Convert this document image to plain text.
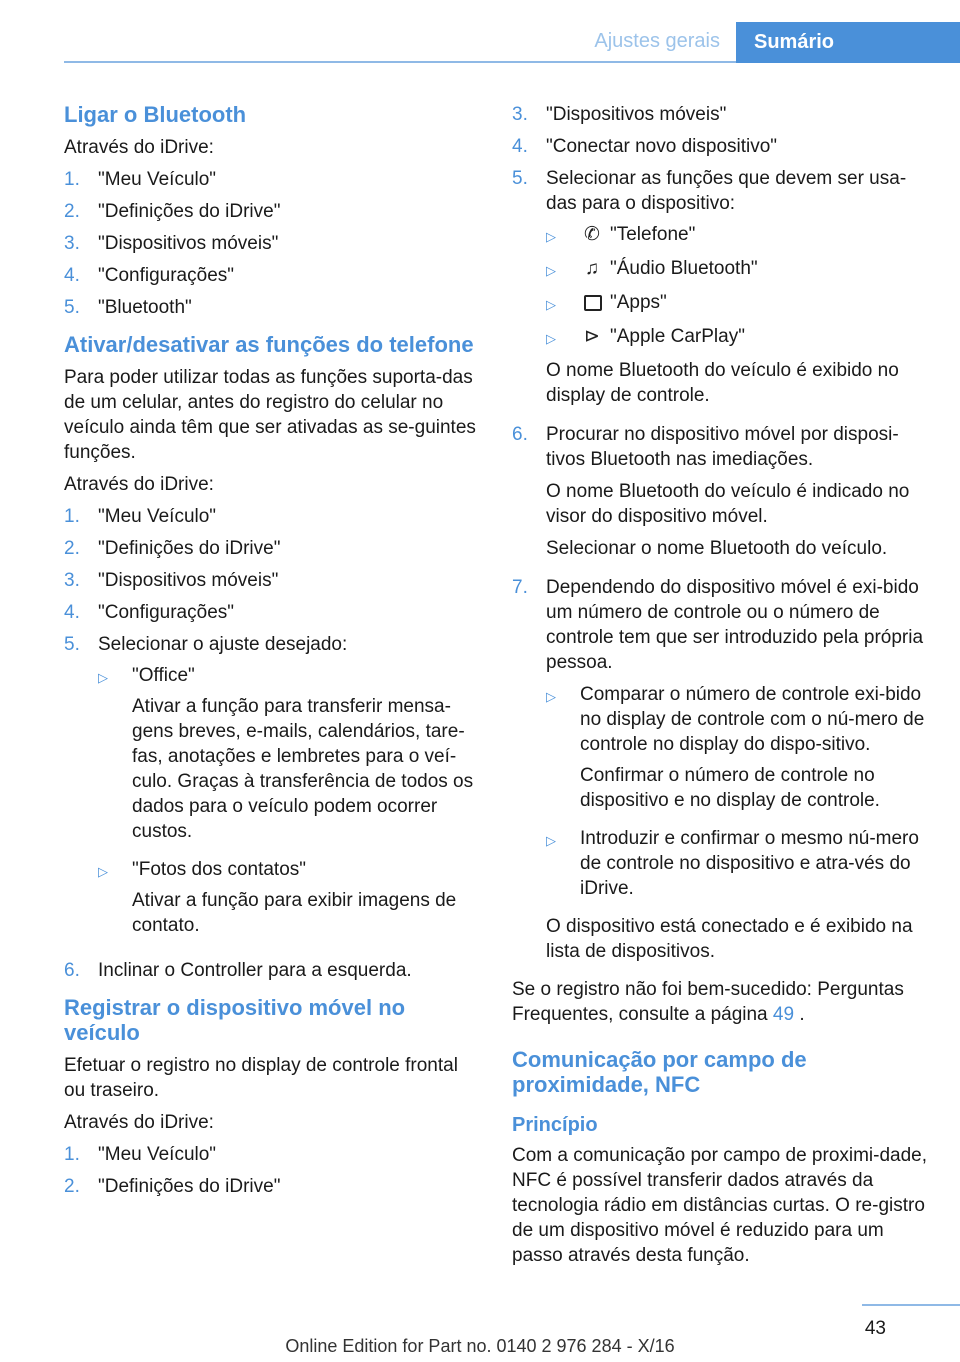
Ajustes gerais	Sumário
Ligar o Bluetooth

Através do iDrive:

1. "Meu Veículo"
2. "Definições do iDrive"
3. "Dispositivos móveis"
4. "Configurações"
5. "Bluetooth"
Ativar/desativar as funções do telefone

Para poder utilizar todas as funções suporta‐das de um celular, antes do registro do celular no veículo ainda têm que ser ativadas as se‐guintes funções.

Através do iDrive:

1. "Meu Veículo"
2. "Definições do iDrive"
3. "Dispositivos móveis"
4. "Configurações"
5. Selecionar o ajuste desejado:
▷	"Office"

Ativar a função para transferir mensa‐gens breves, e-mails, calendários, tare‐fas, anotações e lembretes para o veí‐culo. Graças à transferência de todos os dados para o veículo podem ocorrer custos.

▷	"Fotos dos contatos"

Ativar a função para exibir imagens de contato.

6. Inclinar o Controller para a esquerda.
Registrar o dispositivo móvel no veículo

Efetuar o registro no display de controle frontal ou traseiro.

Através do iDrive:

1. "Meu Veículo"
2. "Definições do iDrive"
3. "Dispositivos móveis"
4. "Conectar novo dispositivo"
5. Selecionar as funções que devem ser usa‐das para o dispositivo:
▷	✆ "Telefone"
▷	♫ "Áudio Bluetooth"
▷	"Apps"
▷	⊳ "Apple CarPlay"

O nome Bluetooth do veículo é exibido no display de controle.

6. Procurar no dispositivo móvel por disposi‐tivos Bluetooth nas imediações.

O nome Bluetooth do veículo é indicado no visor do dispositivo móvel.

Selecionar o nome Bluetooth do veículo.

7. Dependendo do dispositivo móvel é exi‐bido um número de controle ou o número de controle tem que ser introduzido pela própria pessoa.

▷	Comparar o número de controle exi‐bido no display de controle com o nú‐mero de controle no display do dispo‐sitivo.

Confirmar o número de controle no dispositivo e no display de controle.

▷	Introduzir e confirmar o mesmo nú‐mero de controle no dispositivo e atra‐vés do iDrive.

O dispositivo está conectado e é exibido na lista de dispositivos.

Se o registro não foi bem-sucedido: Perguntas Frequentes, consulte a página 49 .

Comunicação por campo de proximidade, NFC
Princípio

Com a comunicação por campo de proximi‐dade, NFC é possível transferir dados através da tecnologia rádio em distâncias curtas. O re‐gistro de um dispositivo móvel é reduzido para um passo através desta função.

43
Online Edition for Part no. 0140 2 976 284 - X/16
